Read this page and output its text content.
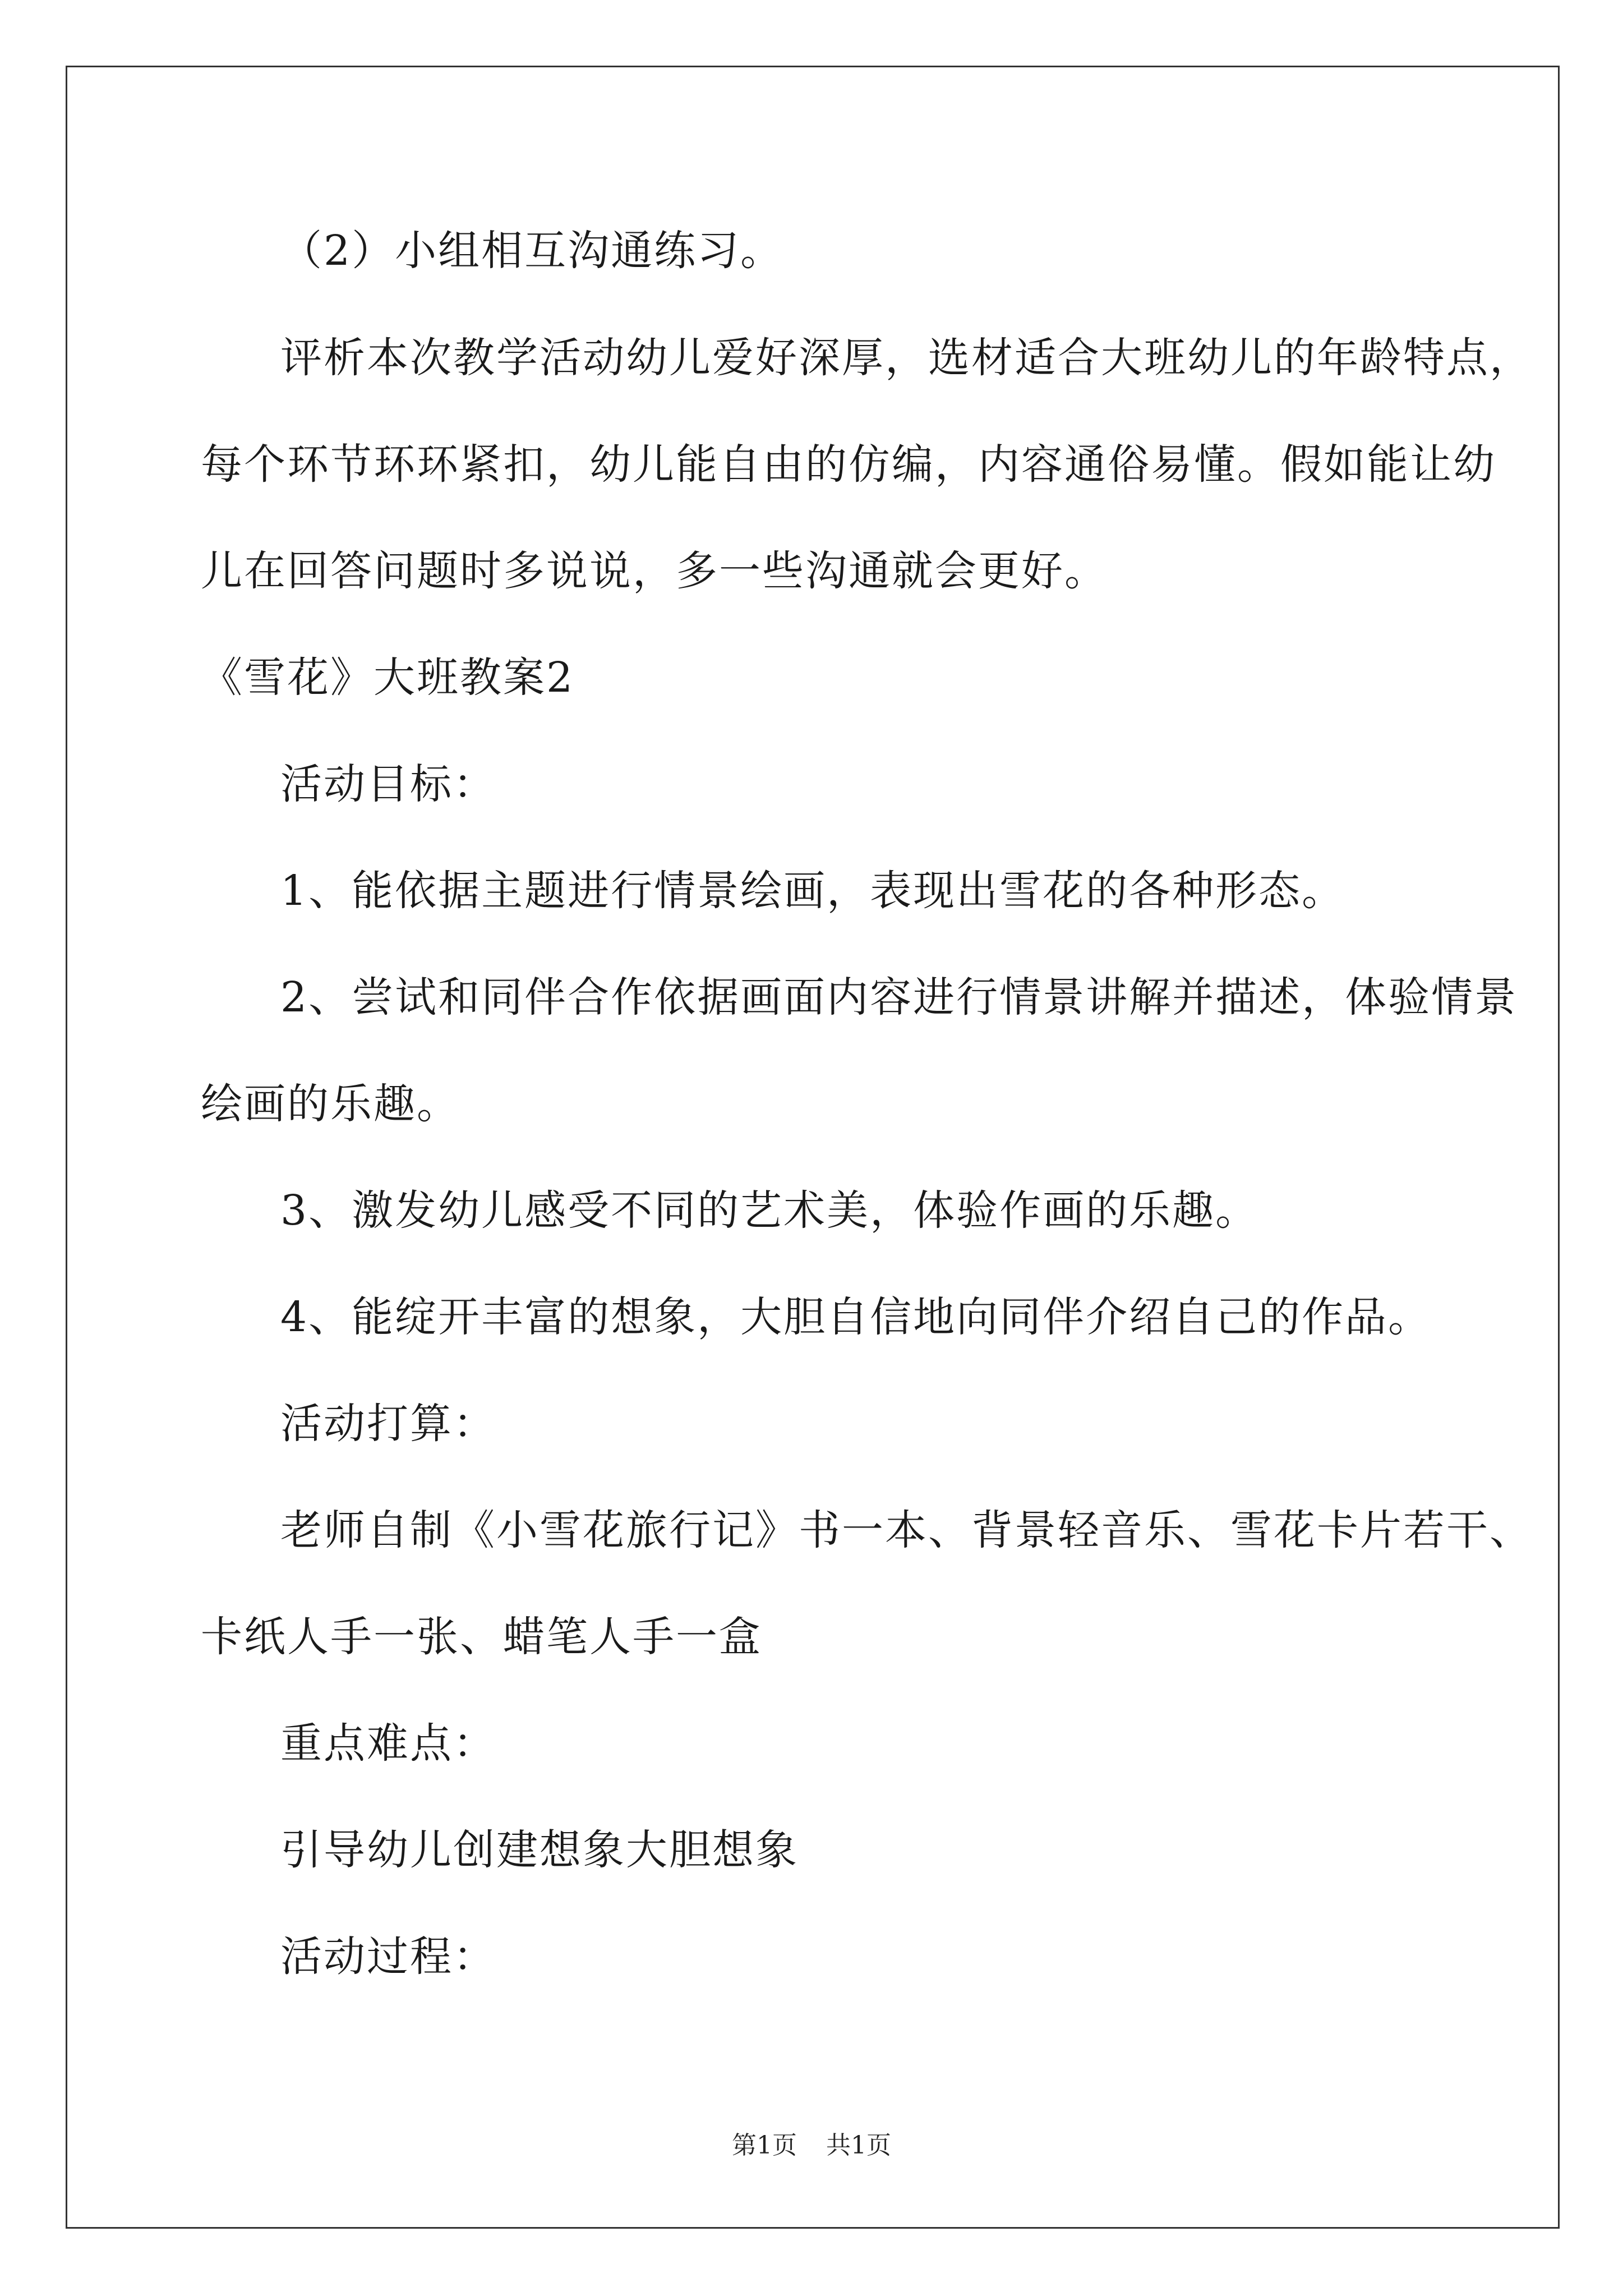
（2）小组相互沟通练习。
评析本次教学活动幼儿爱好深厚，选材适合大班幼儿的年龄特点，
每个环节环环紧扣，幼儿能自由的仿编，内容通俗易懂。假如能让幼
儿在回答问题时多说说，多一些沟通就会更好。
《雪花》大班教案2
活动目标：
1、能依据主题进行情景绘画，表现出雪花的各种形态。
2、尝试和同伴合作依据画面内容进行情景讲解并描述，体验情景
绘画的乐趣。
3、激发幼儿感受不同的艺术美，体验作画的乐趣。
4、能绽开丰富的想象，大胆自信地向同伴介绍自己的作品。
活动打算：
老师自制《小雪花旅行记》书一本、背景轻音乐、雪花卡片若干、
卡纸人手一张、蜡笔人手一盒
重点难点：
引导幼儿创建想象大胆想象
活动过程：
第1页 共1页
